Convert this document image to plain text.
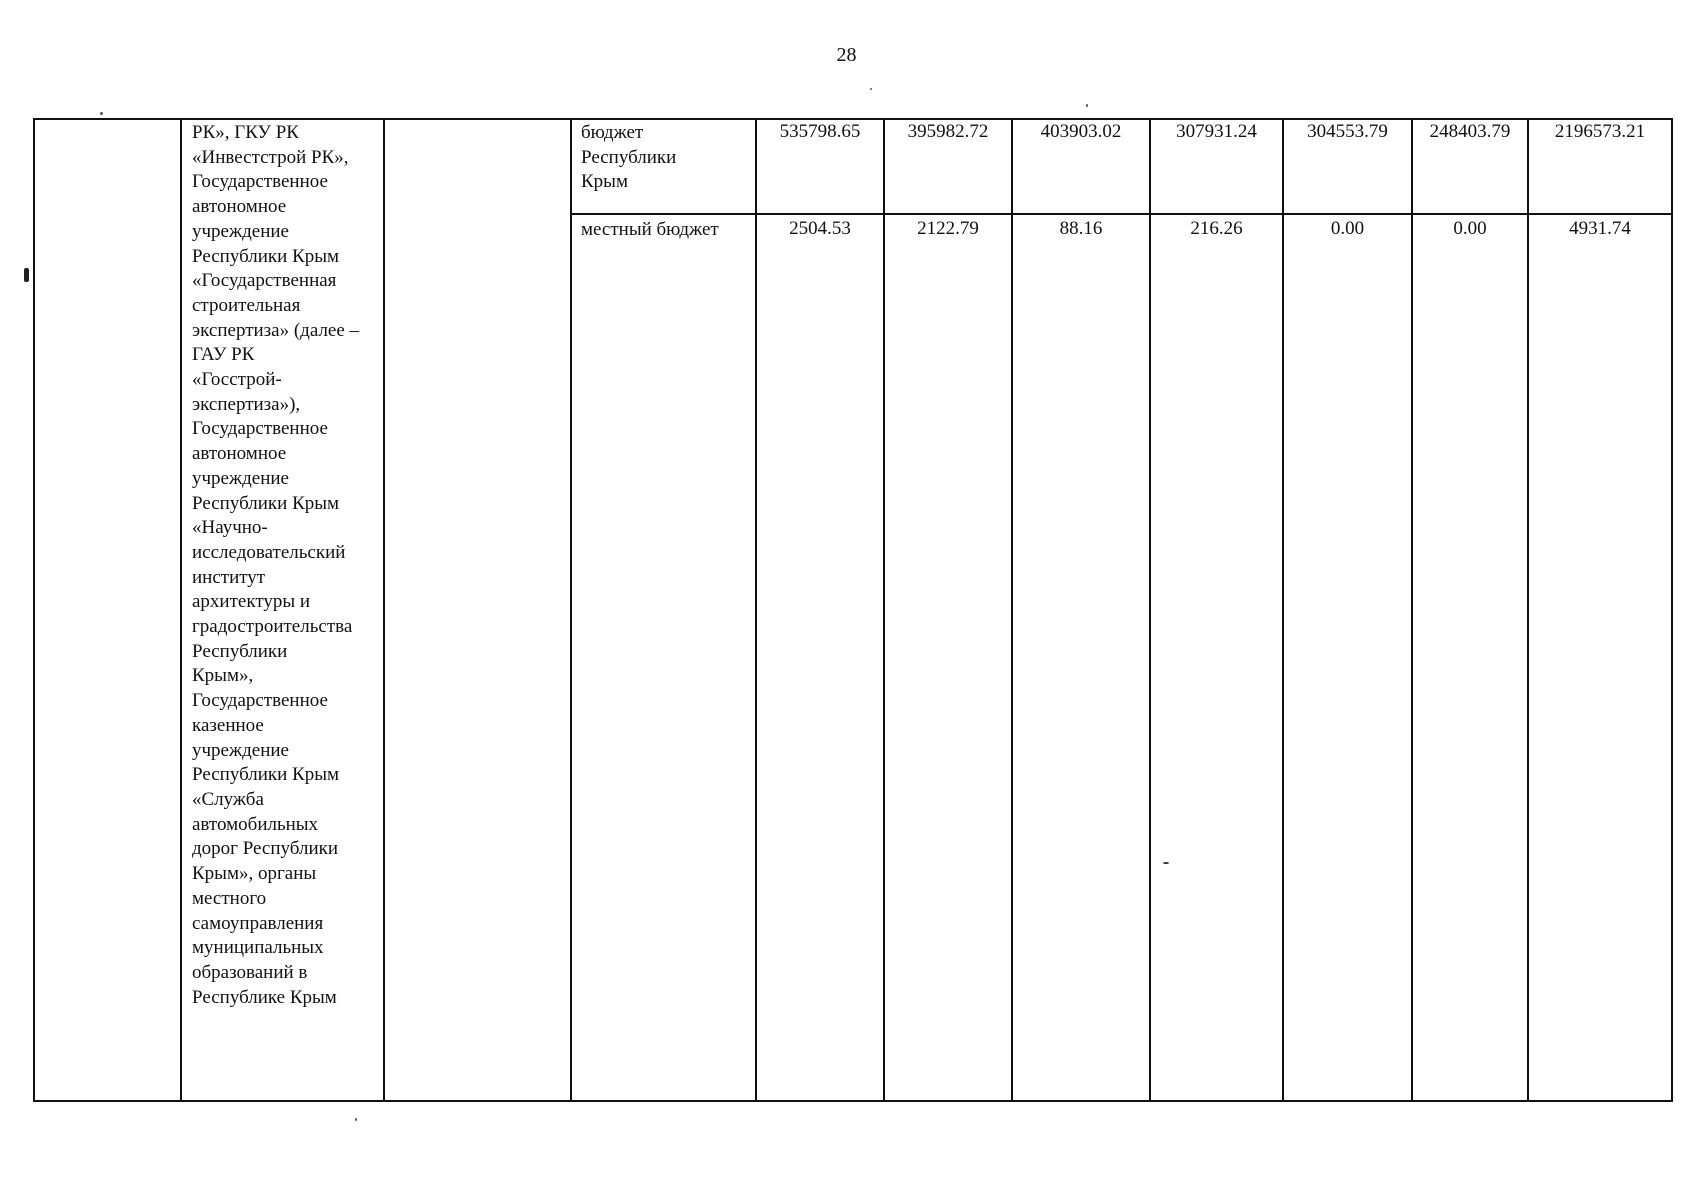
28
РК», ГКУ РК
«Инвестстрой РК»,
Государственное
автономное
учреждение
Республики Крым
«Государственная
строительная
экспертиза» (далее –
ГАУ РК
«Госстрой-
экспертиза»),
Государственное
автономное
учреждение
Республики Крым
«Научно-
исследовательский
институт
архитектуры и
градостроительства
Республики
Крым»,
Государственное
казенное
учреждение
Республики Крым
«Служба
автомобильных
дорог Республики
Крым», органы
местного
самоуправления
муниципальных
образований в
Республике Крым
бюджет
Республики
Крым
535798.65	395982.72	403903.02	307931.24	304553.79	248403.79	2196573.21
местный бюджет	2504.53	2122.79	88.16	216.26	0.00	0.00	4931.74
